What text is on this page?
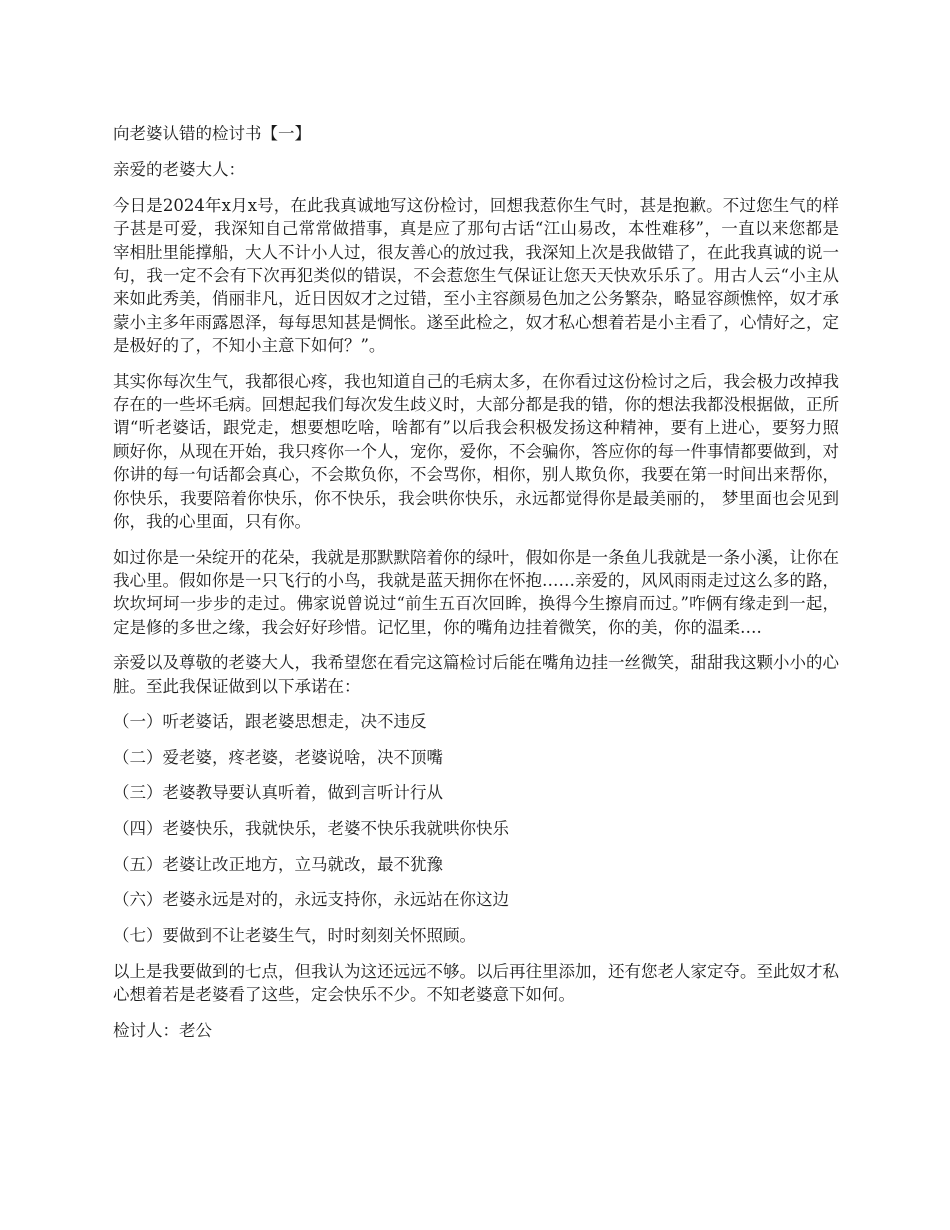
向老婆认错的检讨书【一】

亲爱的老婆大人：

今日是2024年x月x号，在此我真诚地写这份检讨，回想我惹你生气时，甚是抱歉。不过您生气的样子甚是可爱，我深知自己常常做措事，真是应了那句古话“江山易改，本性难移”，一直以来您都是宰相肚里能撑船，大人不计小人过，很友善心的放过我，我深知上次是我做错了，在此我真诚的说一句，我一定不会有下次再犯类似的错误，不会惹您生气保证让您天天快欢乐乐了。用古人云“小主从来如此秀美，俏丽非凡，近日因奴才之过错，至小主容颜易色加之公务繁杂，略显容颜憔悴，奴才承蒙小主多年雨露恩泽，每每思知甚是惆怅。遂至此检之，奴才私心想着若是小主看了，心情好之，定是极好的了，不知小主意下如何？”。

其实你每次生气，我都很心疼，我也知道自己的毛病太多，在你看过这份检讨之后，我会极力改掉我存在的一些坏毛病。回想起我们每次发生歧义时，大部分都是我的错，你的想法我都没根据做，正所谓“听老婆话，跟党走，想要想吃啥，啥都有”以后我会积极发扬这种精神，要有上进心，要努力照顾好你，从现在开始，我只疼你一个人，宠你，爱你，不会骗你，答应你的每一件事情都要做到，对你讲的每一句话都会真心，不会欺负你，不会骂你，相你，别人欺负你，我要在第一时间出来帮你，你快乐，我要陪着你快乐，你不快乐，我会哄你快乐，永远都觉得你是最美丽的， 梦里面也会见到你，我的心里面，只有你。

如过你是一朵绽开的花朵，我就是那默默陪着你的绿叶，假如你是一条鱼儿我就是一条小溪，让你在我心里。假如你是一只飞行的小鸟，我就是蓝天拥你在怀抱……亲爱的，风风雨雨走过这么多的路，坎坎坷坷一步步的走过。佛家说曾说过“前生五百次回眸，换得今生擦肩而过。”咋俩有缘走到一起，定是修的多世之缘，我会好好珍惜。记忆里，你的嘴角边挂着微笑，你的美，你的温柔….

亲爱以及尊敬的老婆大人，我希望您在看完这篇检讨后能在嘴角边挂一丝微笑，甜甜我这颗小小的心脏。至此我保证做到以下承诺在：

（一）听老婆话，跟老婆思想走，决不违反

（二）爱老婆，疼老婆，老婆说啥，决不顶嘴

（三）老婆教导要认真听着，做到言听计行从

（四）老婆快乐，我就快乐，老婆不快乐我就哄你快乐

（五）老婆让改正地方，立马就改，最不犹豫

（六）老婆永远是对的，永远支持你，永远站在你这边

（七）要做到不让老婆生气，时时刻刻关怀照顾。

以上是我要做到的七点，但我认为这还远远不够。以后再往里添加，还有您老人家定夺。至此奴才私心想着若是老婆看了这些，定会快乐不少。不知老婆意下如何。

检讨人：老公
